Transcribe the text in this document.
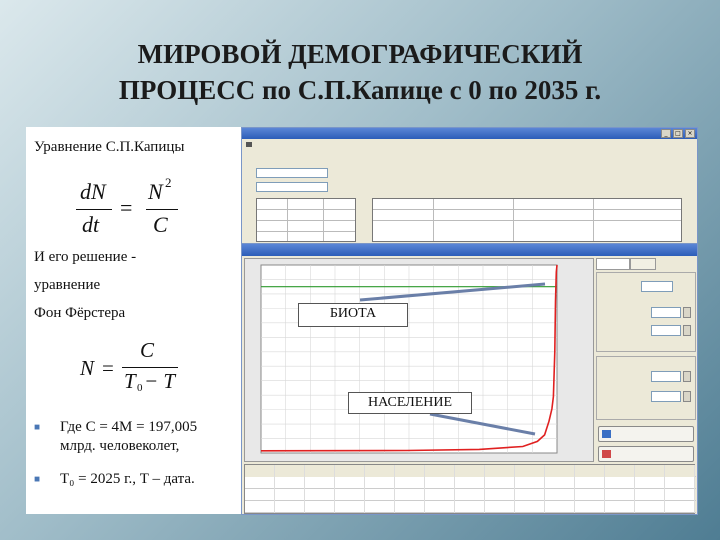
МИРОВОЙ ДЕМОГРАФИЧЕСКИЙ
ПРОЦЕСС по С.П.Капице с 0 по 2035 г.
Уравнение С.П.Капицы
dN
dt
=
N 2
C
И его решение -
уравнение
Фон Фёрстера
N =
C
T 0 − T
■ Где С = 4М = 197,005
млрд. человеколет,
■ T₀ = 2025 г., T – дата.
_	□	×
БИОТА
НАСЕЛЕНИЕ
